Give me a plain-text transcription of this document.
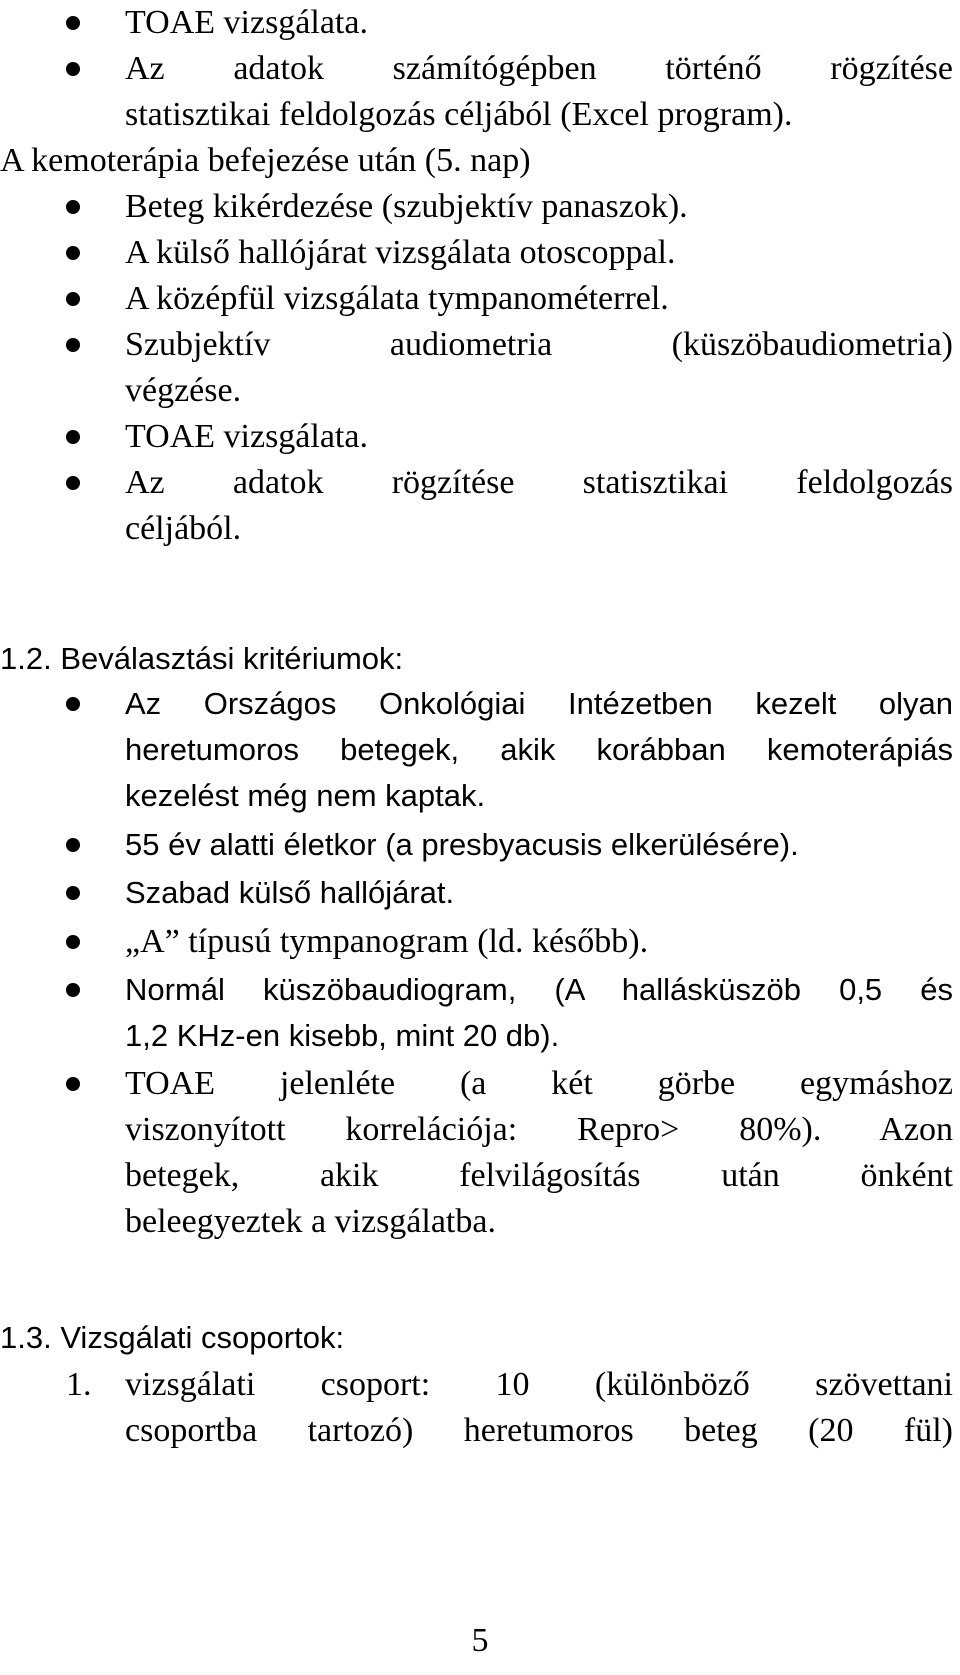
TOAE vizsgálata.
Az adatok számítógépben történő rögzítése
statisztikai feldolgozás céljából (Excel program).
A kemoterápia befejezése után (5. nap)
Beteg kikérdezése (szubjektív panaszok).
A külső hallójárat vizsgálata otoscoppal.
A középfül vizsgálata tympanométerrel.
Szubjektív audiometria (küszöbaudiometria)
végzése.
TOAE vizsgálata.
Az adatok rögzítése statisztikai feldolgozás
céljából.
1.2. Beválasztási kritériumok:
Az Országos Onkológiai Intézetben kezelt olyan
heretumoros betegek, akik korábban kemoterápiás
kezelést még nem kaptak.
55 év alatti életkor (a presbyacusis elkerülésére).
Szabad külső hallójárat.
„A” típusú tympanogram (ld. később).
Normál küszöbaudiogram, (A hallásküszöb 0,5 és
1,2 KHz-en kisebb, mint 20 db).
TOAE jelenléte (a két görbe egymáshoz
viszonyított korrelációja: Repro> 80%). Azon
betegek, akik felvilágosítás után önként
beleegyeztek a vizsgálatba.
1.3. Vizsgálati csoportok:
1. vizsgálati csoport: 10 (különböző szövettani
csoportba tartozó) heretumoros beteg (20 fül)
5
